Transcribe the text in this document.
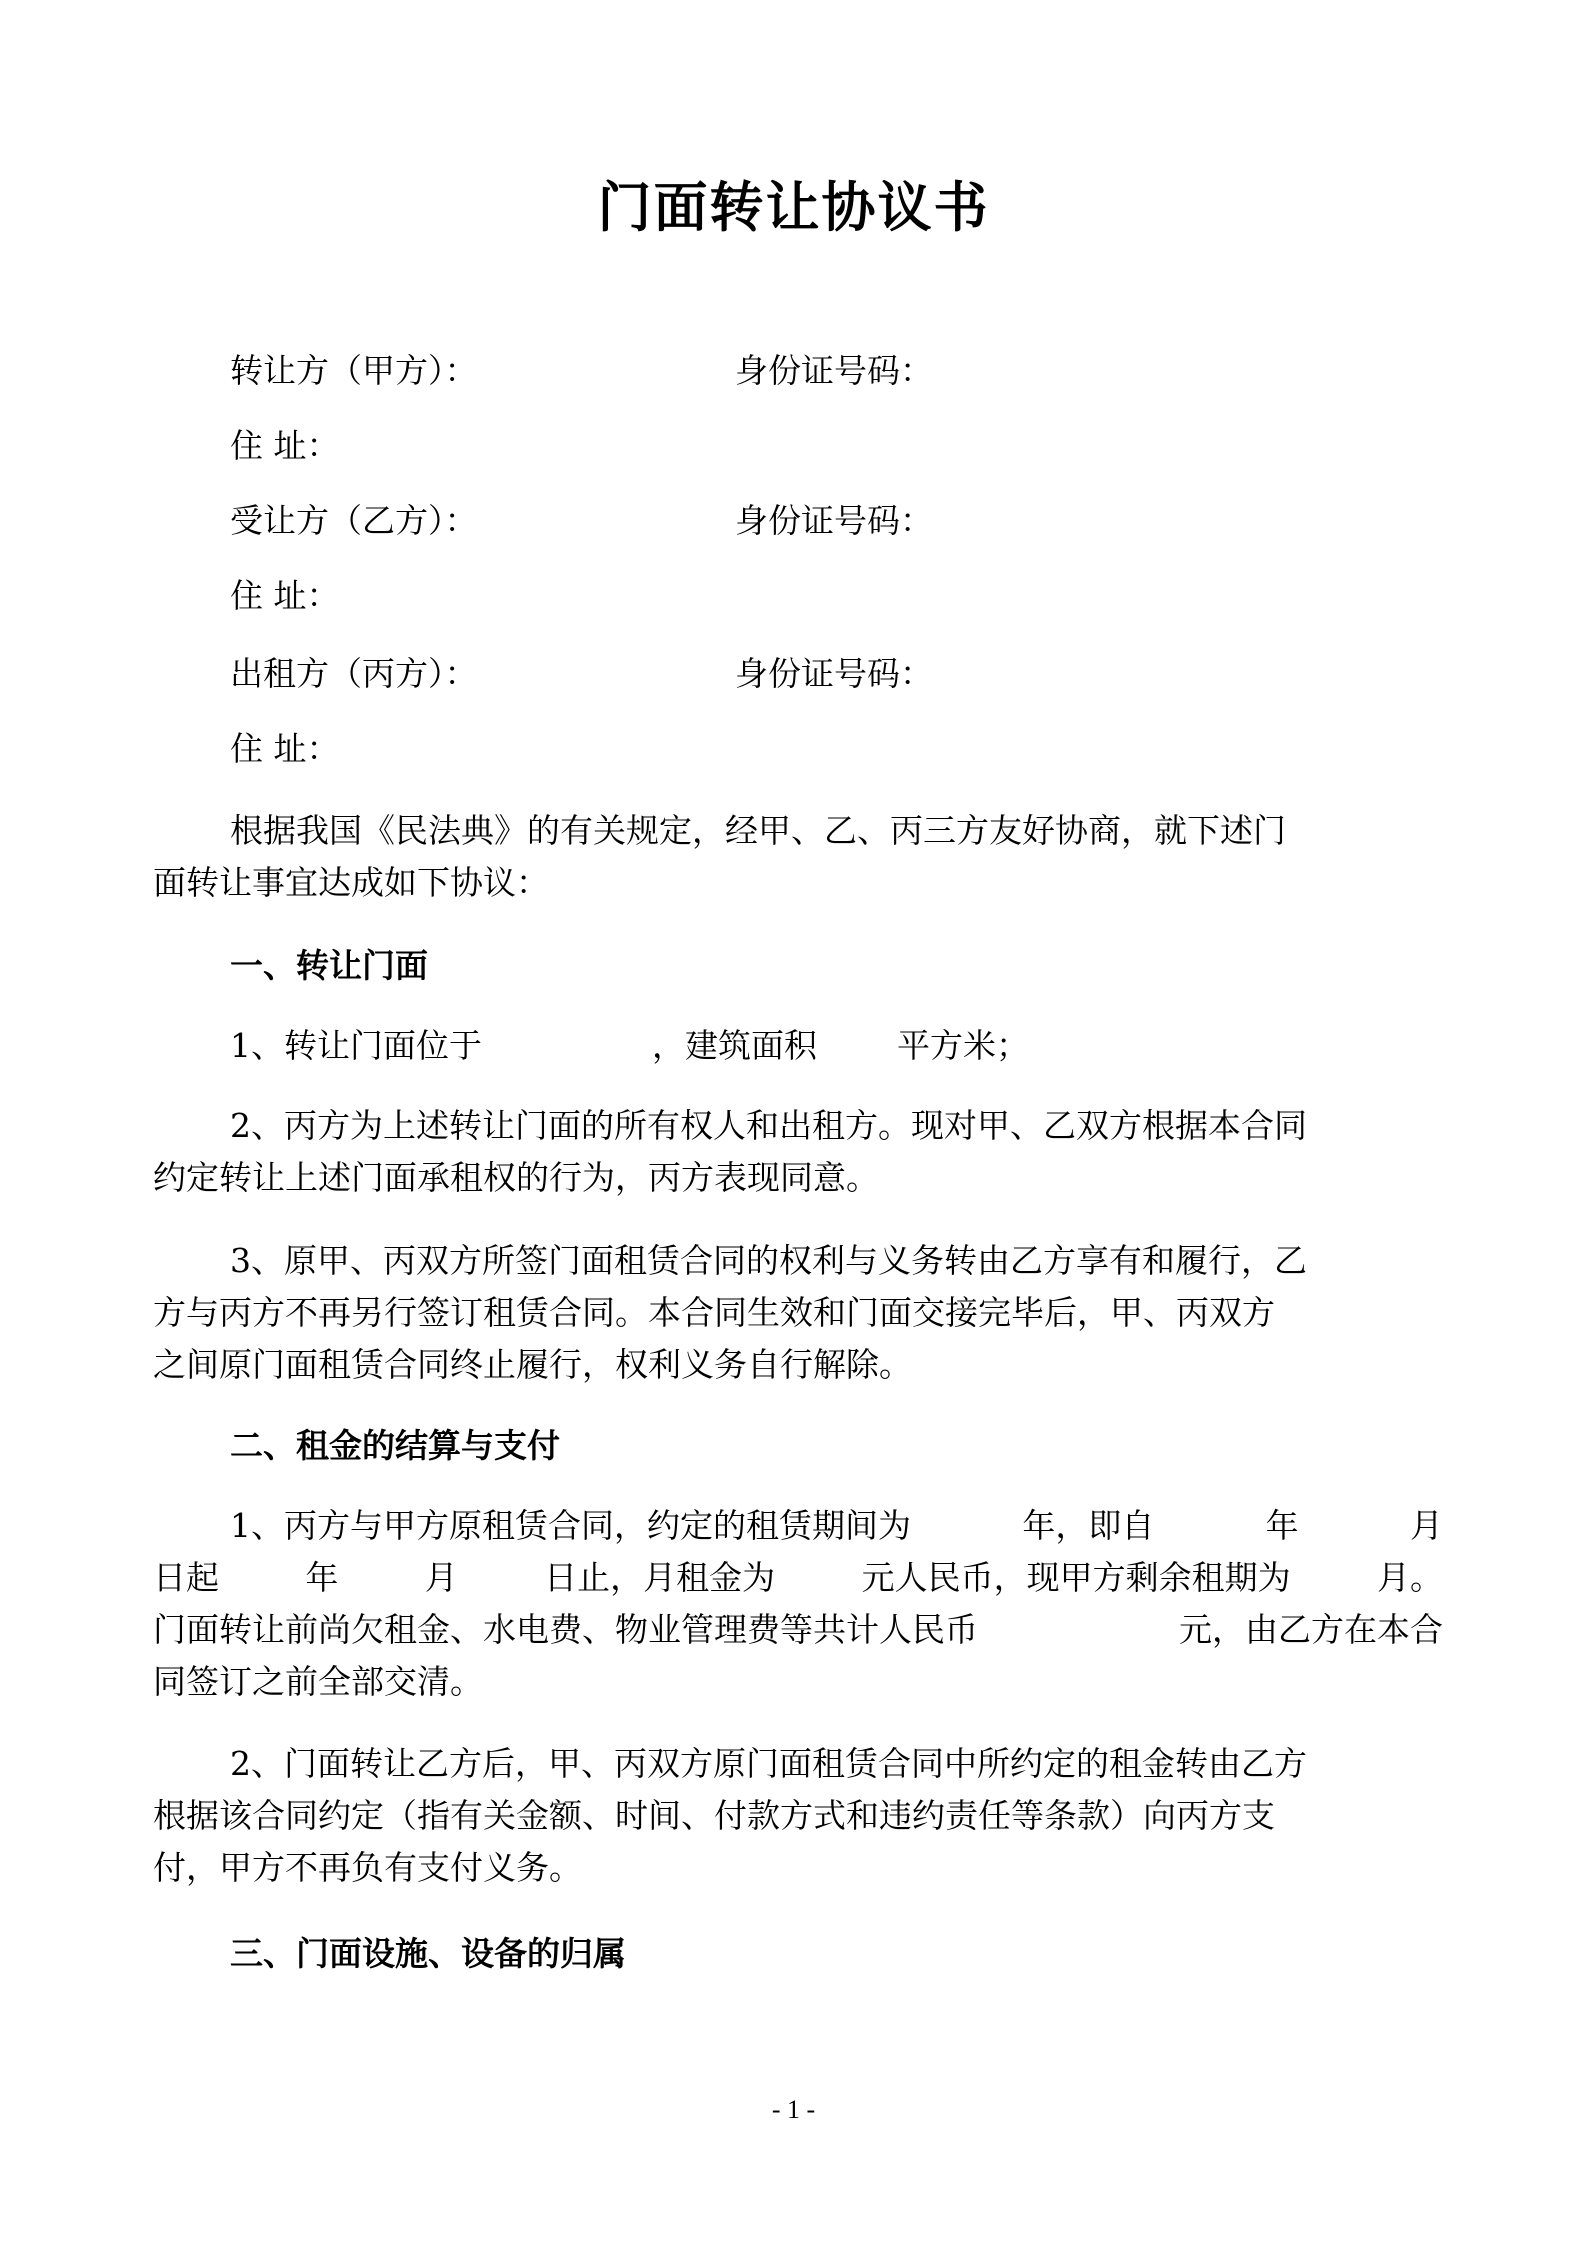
门面转让协议书
转让方（甲方）：	身份证号码：
住 址：
受让方（乙方）：	身份证号码：
住 址：
出租方（丙方）：	身份证号码：
住 址：
根据我国《民法典》的有关规定，经甲、乙、丙三方友好协商，就下述门
面转让事宜达成如下协议：
一、转让门面
1、转让门面位于	，建筑面积 平方米；
2、丙方为上述转让门面的所有权人和出租方。现对甲、乙双方根据本合同
约定转让上述门面承租权的行为，丙方表现同意。
3、原甲、丙双方所签门面租赁合同的权利与义务转由乙方享有和履行，乙
方与丙方不再另行签订租赁合同。本合同生效和门面交接完毕后，甲、丙双方
之间原门面租赁合同终止履行，权利义务自行解除。
二、租金的结算与支付
1、丙方与甲方原租赁合同，约定的租赁期间为	年，即自	年	月
日起	年	月	日止，月租金为	元人民币，现甲方剩余租期为	月。
门面转让前尚欠租金、水电费、物业管理费等共计人民币	元，由乙方在本合
同签订之前全部交清。
2、门面转让乙方后，甲、丙双方原门面租赁合同中所约定的租金转由乙方
根据该合同约定（指有关金额、时间、付款方式和违约责任等条款）向丙方支
付，甲方不再负有支付义务。
三、门面设施、设备的归属
- 1 -
